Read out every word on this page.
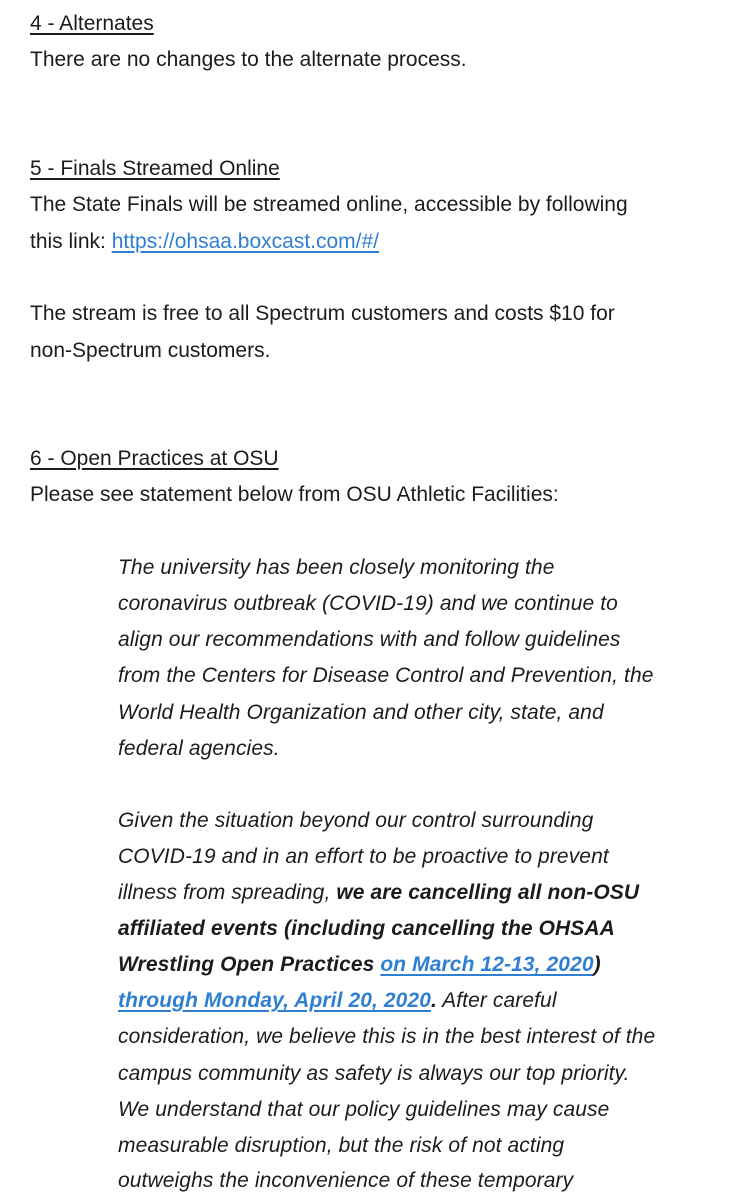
4 - Alternates

There are no changes to the alternate process.

5 - Finals Streamed Online

The State Finals will be streamed online, accessible by following

this link: https://ohsaa.boxcast.com/#/

The stream is free to all Spectrum customers and costs $10 for

non-Spectrum customers.

6 - Open Practices at OSU

Please see statement below from OSU Athletic Facilities:

The university has been closely monitoring the

coronavirus outbreak (COVID-19) and we continue to

align our recommendations with and follow guidelines

from the Centers for Disease Control and Prevention, the

World Health Organization and other city, state, and

federal agencies.

Given the situation beyond our control surrounding

COVID-19 and in an effort to be proactive to prevent

illness from spreading, we are cancelling all non-OSU

affiliated events (including cancelling the OHSAA

Wrestling Open Practices on March 12-13, 2020)

through Monday, April 20, 2020. After careful

consideration, we believe this is in the best interest of the

campus community as safety is always our top priority.

We understand that our policy guidelines may cause

measurable disruption, but the risk of not acting

outweighs the inconvenience of these temporary
